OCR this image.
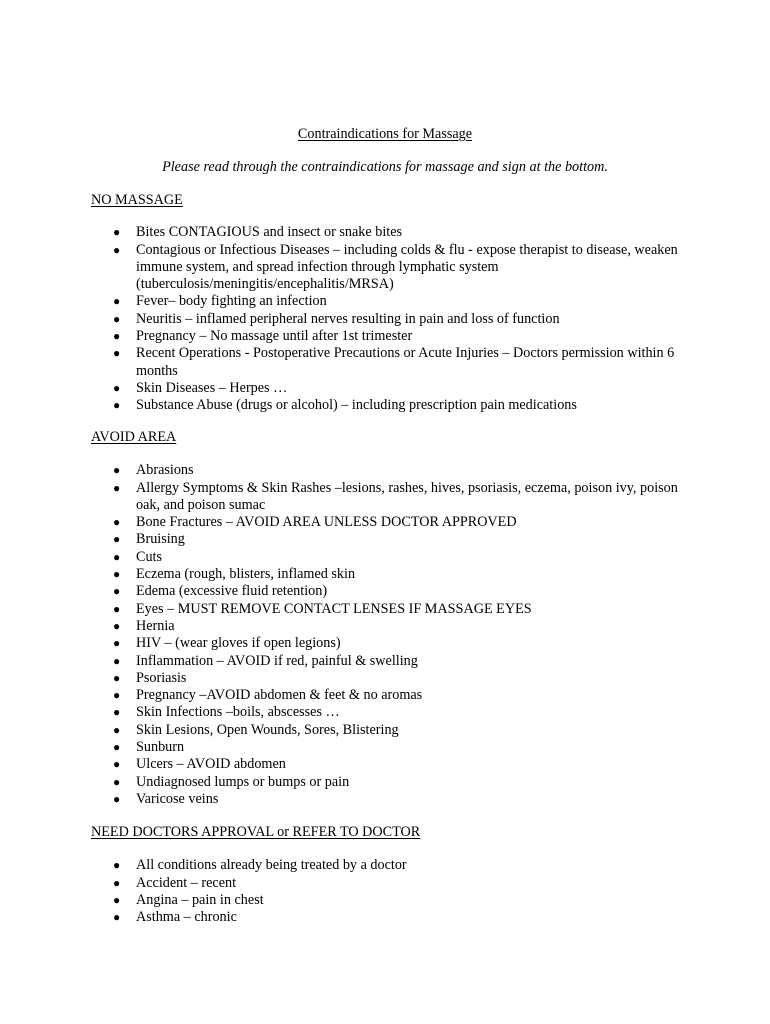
Contraindications for Massage
Please read through the contraindications for massage and sign at the bottom.

NO MASSAGE

● Bites CONTAGIOUS and insect or snake bites
● Contagious or Infectious Diseases – including colds & flu - expose therapist to disease, weaken immune system, and spread infection through lymphatic system (tuberculosis/meningitis/encephalitis/MRSA)
● Fever– body fighting an infection
● Neuritis – inflamed peripheral nerves resulting in pain and loss of function
● Pregnancy – No massage until after 1st trimester
● Recent Operations - Postoperative Precautions or Acute Injuries – Doctors permission within 6 months
● Skin Diseases – Herpes …
● Substance Abuse (drugs or alcohol) – including prescription pain medications

AVOID AREA

● Abrasions
● Allergy Symptoms & Skin Rashes –lesions, rashes, hives, psoriasis, eczema, poison ivy, poison oak, and poison sumac
● Bone Fractures – AVOID AREA UNLESS DOCTOR APPROVED
● Bruising
● Cuts
● Eczema (rough, blisters, inflamed skin
● Edema (excessive fluid retention)
● Eyes – MUST REMOVE CONTACT LENSES IF MASSAGE EYES
● Hernia
● HIV – (wear gloves if open legions)
● Inflammation – AVOID if red, painful & swelling
● Psoriasis
● Pregnancy –AVOID abdomen & feet & no aromas
● Skin Infections –boils, abscesses …
● Skin Lesions, Open Wounds, Sores, Blistering
● Sunburn
● Ulcers – AVOID abdomen
● Undiagnosed lumps or bumps or pain
● Varicose veins

NEED DOCTORS APPROVAL or REFER TO DOCTOR

● All conditions already being treated by a doctor
● Accident – recent
● Angina – pain in chest
● Asthma – chronic
